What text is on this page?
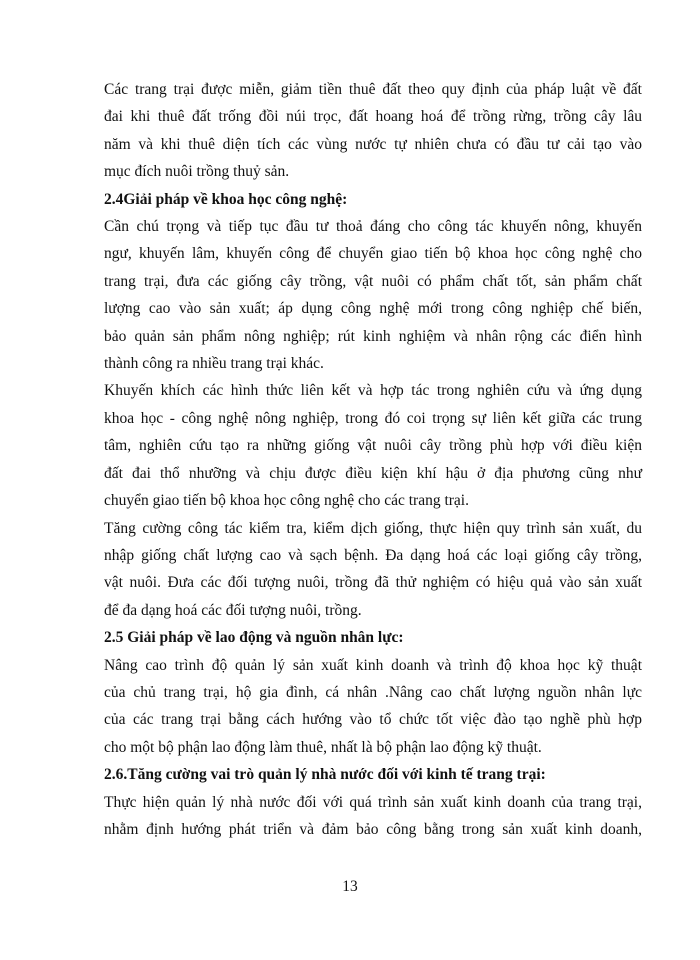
Các trang trại được miễn, giảm tiền thuê đất theo quy định của pháp luật về đất
đai khi thuê đất trống đồi núi trọc, đất hoang hoá để trồng rừng, trồng cây lâu
năm và khi thuê diện tích các vùng nước tự nhiên chưa có đầu tư cải tạo vào
mục đích nuôi trồng thuỷ sản.
2.4Giải pháp về khoa học công nghệ:
Cần chú trọng và tiếp tục đầu tư thoả đáng cho công tác khuyến nông, khuyến
ngư, khuyến lâm, khuyến công để chuyển giao tiến bộ khoa học công nghệ cho
trang trại, đưa các giống cây trồng, vật nuôi có phẩm chất tốt, sản phẩm chất
lượng cao vào sản xuất; áp dụng công nghệ mới trong công nghiệp chế biến,
bảo quản sản phẩm nông nghiệp; rút kinh nghiệm và nhân rộng các điển hình
thành công ra nhiều trang trại khác.
Khuyến khích các hình thức liên kết và hợp tác trong nghiên cứu và ứng dụng
khoa học - công nghệ nông nghiệp, trong đó coi trọng sự liên kết giữa các trung
tâm, nghiên cứu tạo ra những giống vật nuôi cây trồng phù hợp với điều kiện
đất đai thổ nhưỡng và chịu được điều kiện khí hậu ở địa phương cũng như
chuyển giao tiến bộ khoa học công nghệ cho các trang trại.
Tăng cường công tác kiểm tra, kiểm dịch giống, thực hiện quy trình sản xuất, du
nhập giống chất lượng cao và sạch bệnh. Đa dạng hoá các loại giống cây trồng,
vật nuôi. Đưa các đối tượng nuôi, trồng đã thử nghiệm có hiệu quả vào sản xuất
để đa dạng hoá các đối tượng nuôi, trồng.
2.5 Giải pháp về lao động và nguồn nhân lực:
Nâng cao trình độ quản lý sản xuất kinh doanh và trình độ khoa học kỹ thuật
của chủ trang trại, hộ gia đình, cá nhân .Nâng cao chất lượng nguồn nhân lực
của các trang trại bằng cách hướng vào tổ chức tốt việc đào tạo nghề phù hợp
cho một bộ phận lao động làm thuê, nhất là bộ phận lao động kỹ thuật.
2.6.Tăng cường vai trò quản lý nhà nước đối với kinh tế trang trại:
Thực hiện quản lý nhà nước đối với quá trình sản xuất kinh doanh của trang trại,
nhằm định hướng phát triển và đảm bảo công bằng trong sản xuất kinh doanh,
13
